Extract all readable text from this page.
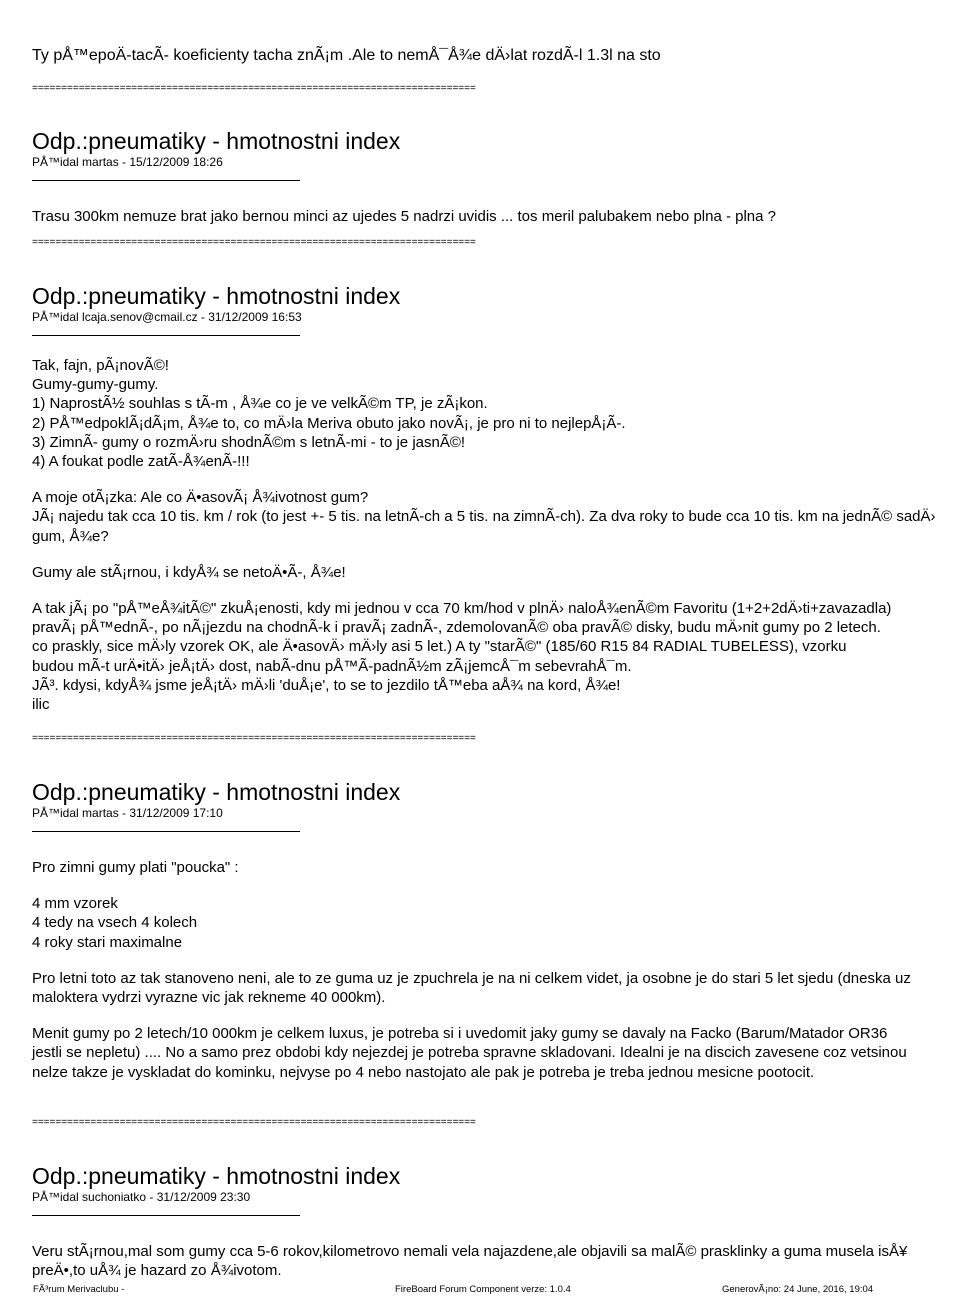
Ty pÅ™epoÄ-tacÃ- koeficienty tacha znÃ¡m .Ale to nemÅ¯Å¾e dÄ›lat rozdÃ-l 1.3l na sto
============================================================================
Odp.:pneumatiky - hmotnostni index
PÅ™idal martas - 15/12/2009 18:26

Trasu 300km nemuze brat jako bernou minci az ujedes 5 nadrzi uvidis ... tos meril palubakem nebo plna - plna ?

============================================================================
Odp.:pneumatiky - hmotnostni index
PÅ™idal lcaja.senov@cmail.cz - 31/12/2009 16:53

Tak, fajn, pÃ¡novÃ©!

Gumy-gumy-gumy.

1) NaprostÃ½ souhlas s tÃ-m , Å¾e co je ve velkÃ©m TP, je zÃ¡kon.

2) PÅ™edpoklÃ¡dÃ¡m, Å¾e to, co mÄ›la Meriva obuto jako novÃ¡, je pro ni to nejlepÅ¡Ã-.

3) ZimnÃ- gumy o rozmÄ›ru shodnÃ©m s letnÃ-mi - to je jasnÃ©!

4) A foukat podle zatÃ-Å¾enÃ-!!!

A moje otÃ¡zka: Ale co Ä•asovÃ¡ Å¾ivotnost gum?

JÃ¡ najedu tak cca 10 tis. km / rok (to jest +- 5 tis. na letnÃ-ch a 5 tis. na zimnÃ-ch). Za dva roky to bude cca 10 tis. km na jednÃ© sadÄ› gum, Å¾e?

Gumy ale stÃ¡rnou, i kdyÅ¾ se netoÄ•Ã-, Å¾e!

A tak jÃ¡ po "pÅ™eÅ¾itÃ©" zkuÅ¡enosti, kdy mi jednou v cca 70 km/hod v plnÄ› naloÅ¾enÃ©m Favoritu (1+2+2dÄ›ti+zavazadla)

pravÃ¡ pÅ™ednÃ-, po nÃ¡jezdu na chodnÃ-k i pravÃ¡ zadnÃ-, zdemolovanÃ© oba pravÃ© disky, budu mÄ›nit gumy po 2 letech.

co praskly, sice mÄ›ly vzorek OK, ale Ä•asovÄ› mÄ›ly asi 5 let.) A ty "starÃ©" (185/60 R15 84 RADIAL TUBELESS), vzorku

budou mÃ-t urÄ•itÄ› jeÅ¡tÄ› dost, nabÃ-dnu pÅ™Ã-padnÃ½m zÃ¡jemcÅ¯m sebevrahÅ¯m.

JÃ³. kdysi, kdyÅ¾ jsme jeÅ¡tÄ› mÄ›li 'duÅ¡e', to se to jezdilo tÅ™eba aÅ¾ na kord, Å¾e!

ilic

============================================================================
Odp.:pneumatiky - hmotnostni index
PÅ™idal martas - 31/12/2009 17:10

Pro zimni gumy plati "poucka" :

4 mm vzorek

4 tedy na vsech 4 kolech

4 roky stari maximalne

Pro letni toto az tak stanoveno neni, ale to ze guma uz je zpuchrela je na ni celkem videt, ja osobne je do stari 5 let sjedu (dneska uz maloktera vydrzi vyrazne vic jak rekneme 40 000km).

Menit gumy po 2 letech/10 000km je celkem luxus, je potreba si i uvedomit jaky gumy se davaly na Facko (Barum/Matador OR36 jestli se nepletu) .... No a samo prez obdobi kdy nejezdej je potreba spravne skladovani. Idealni je na discich zavesene coz vetsinou nelze takze je vyskladat do kominku, nejvyse po 4 nebo nastojato ale pak je potreba je treba jednou mesicne pootocit.

============================================================================
Odp.:pneumatiky - hmotnostni index
PÅ™idal suchoniatko - 31/12/2009 23:30

Veru stÃ¡rnou,mal som gumy cca 5-6 rokov,kilometrovo nemali vela najazdene,ale objavili sa malÃ© prasklinky a guma musela isÅ¥ preÄ•,to uÅ¾ je hazard zo Å¾ivotom.

FÃ³rum Merivaclubu -	FireBoard Forum Component verze: 1.0.4	GenerovÃ¡no: 24 June, 2016, 19:04
